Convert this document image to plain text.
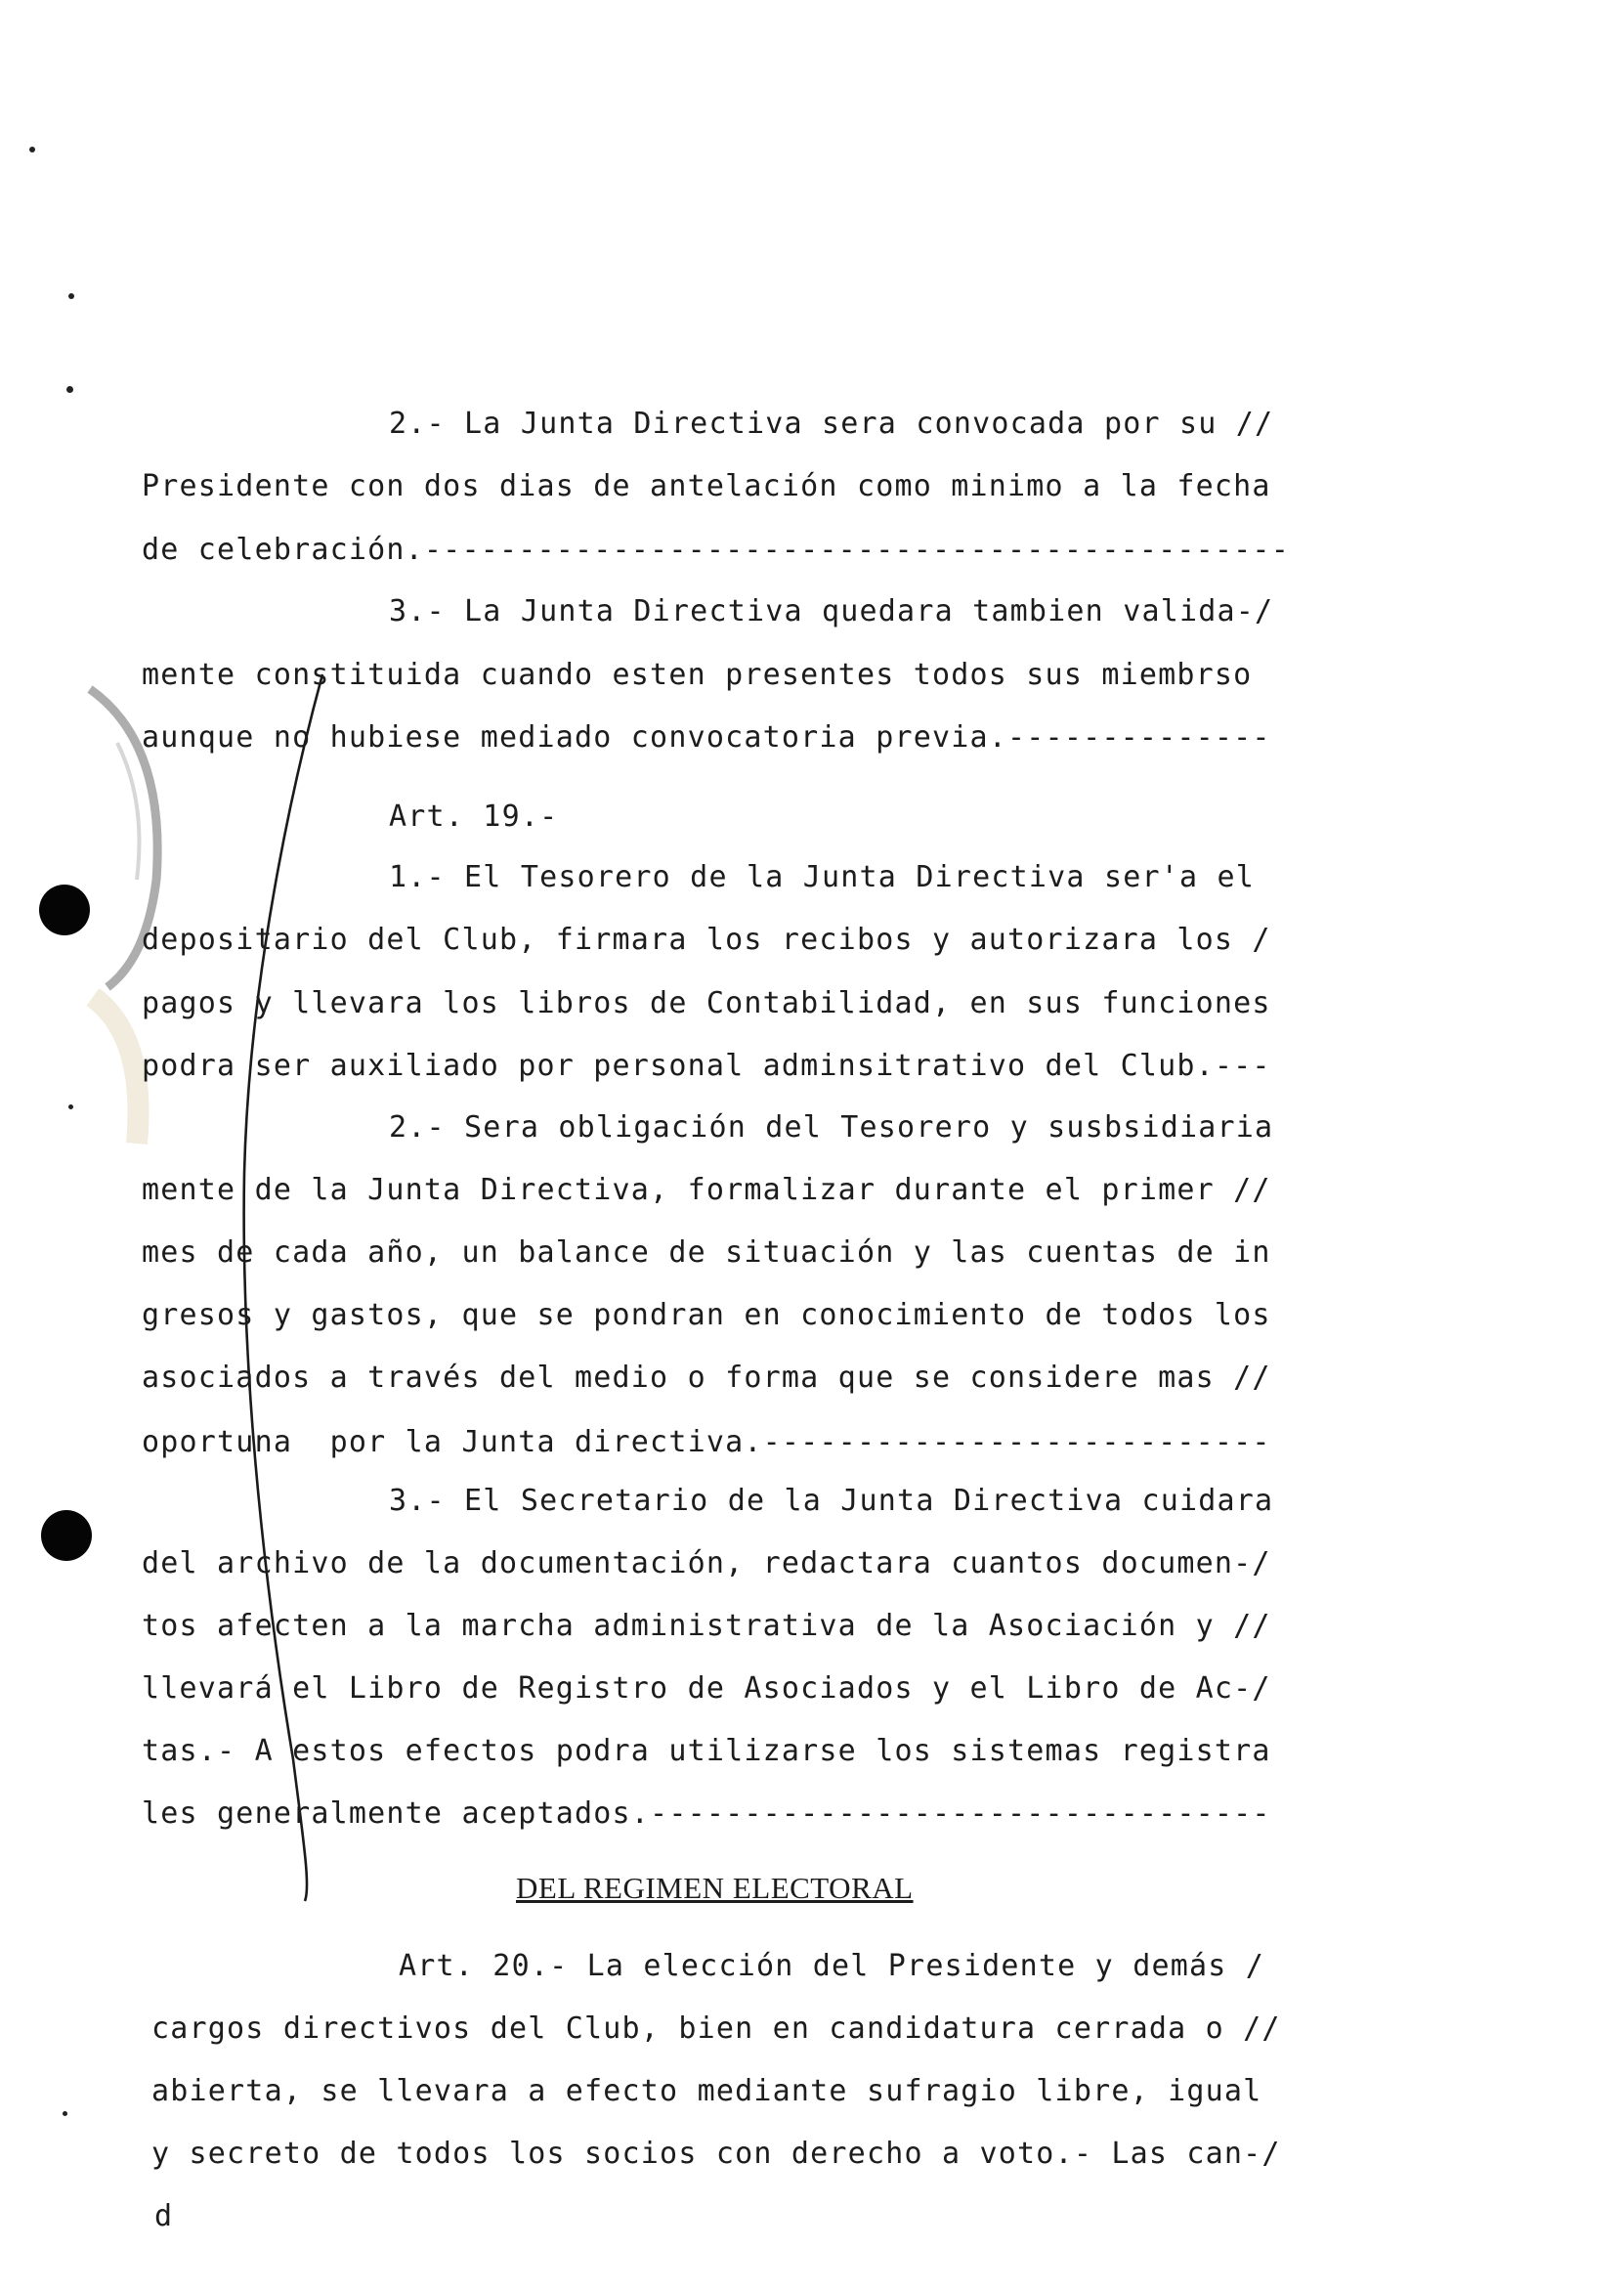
2.- La Junta Directiva sera convocada por su //
Presidente con dos dias de antelación como minimo a la fecha
de celebración.----------------------------------------------
3.- La Junta Directiva quedara tambien valida-/
mente constituida cuando esten presentes todos sus miembrso
aunque no hubiese mediado convocatoria previa.--------------
Art. 19.-
1.- El Tesorero de la Junta Directiva ser'a el
depositario del Club, firmara los recibos y autorizara los /
pagos y llevara los libros de Contabilidad, en sus funciones
podra ser auxiliado por personal adminsitrativo del Club.---
2.- Sera obligación del Tesorero y susbsidiaria
mente de la Junta Directiva, formalizar durante el primer //
mes de cada año, un balance de situación y las cuentas de in
gresos y gastos, que se pondran en conocimiento de todos los
asociados a través del medio o forma que se considere mas //
oportuna  por la Junta directiva.---------------------------
3.- El Secretario de la Junta Directiva cuidara
del archivo de la documentación, redactara cuantos documen-/
tos afecten a la marcha administrativa de la Asociación y //
llevará el Libro de Registro de Asociados y el Libro de Ac-/
tas.- A estos efectos podra utilizarse los sistemas registra
les generalmente aceptados.---------------------------------
DEL REGIMEN ELECTORAL
Art. 20.- La elección del Presidente y demás /
cargos directivos del Club, bien en candidatura cerrada o //
abierta, se llevara a efecto mediante sufragio libre, igual
y secreto de todos los socios con derecho a voto.- Las can-/
d
